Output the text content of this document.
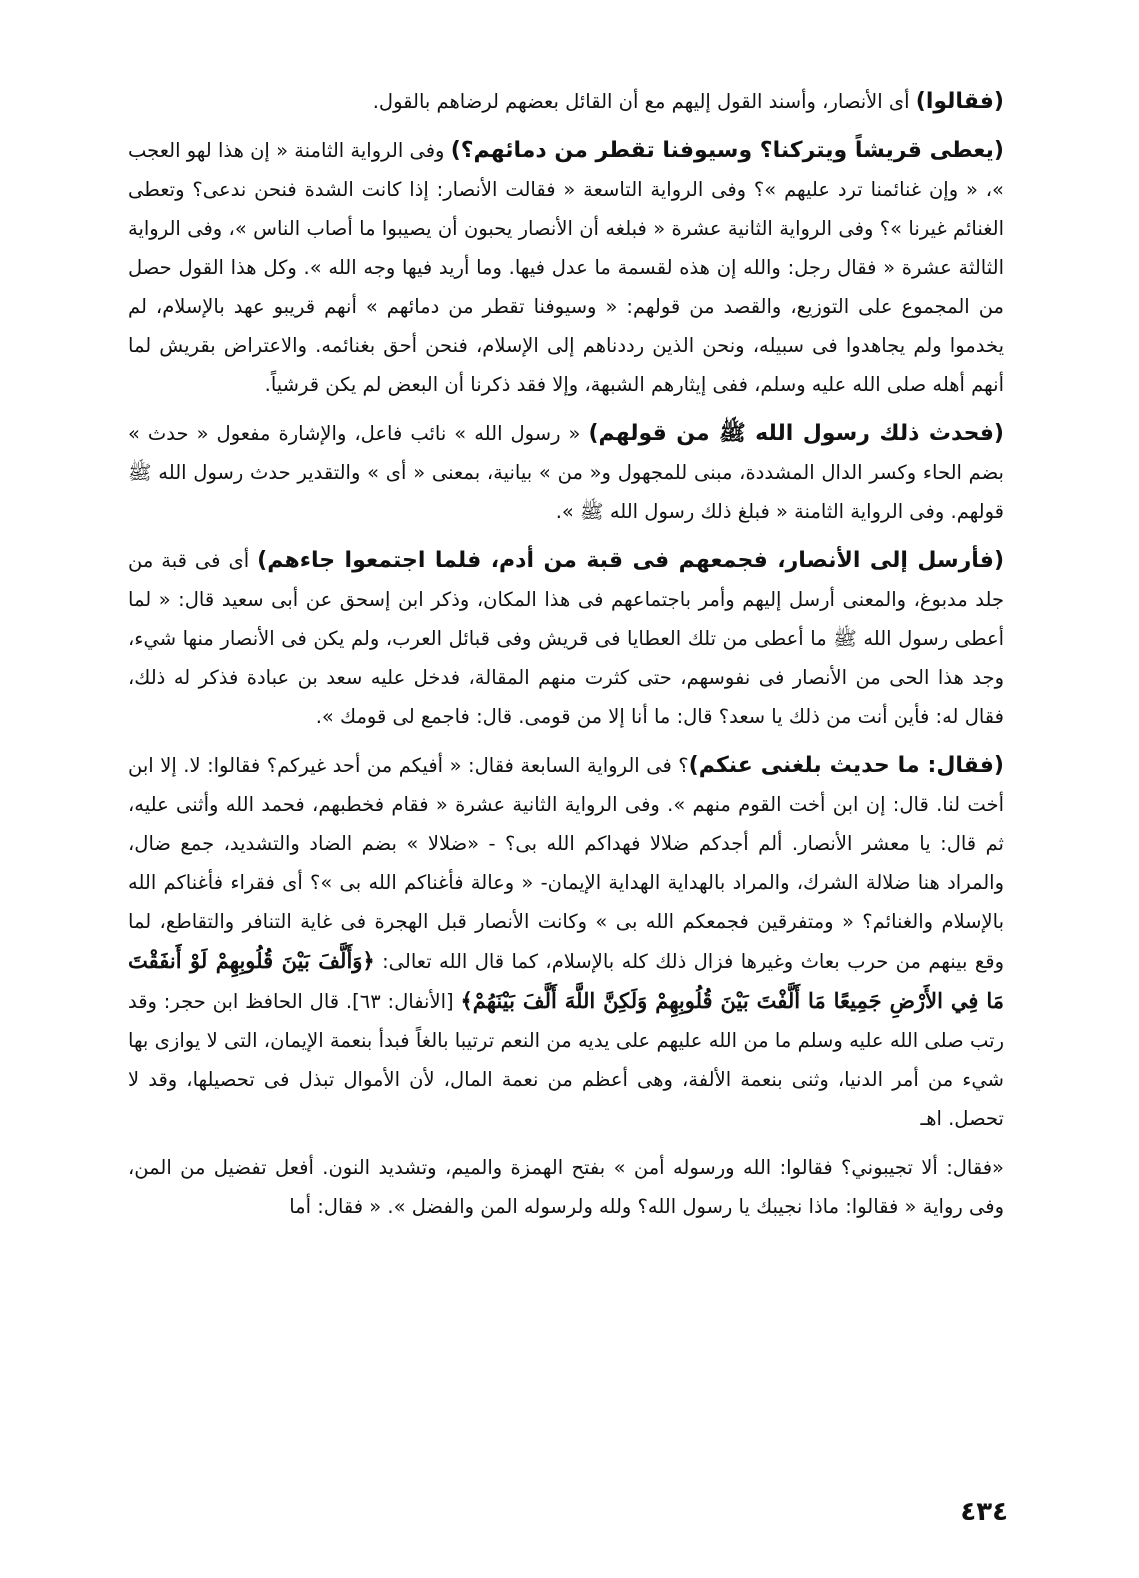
(فقالوا) أى الأنصار، وأسند القول إليهم مع أن القائل بعضهم لرضاهم بالقول.

(يعطى قريشاً ويتركنا؟ وسيوفنا تقطر من دمائهم؟) وفى الرواية الثامنة « إن هذا لهو العجب »، « وإن غنائمنا ترد عليهم »؟ وفى الرواية التاسعة « فقالت الأنصار: إذا كانت الشدة فنحن ندعى؟ وتعطى الغنائم غيرنا »؟ وفى الرواية الثانية عشرة « فبلغه أن الأنصار يحبون أن يصيبوا ما أصاب الناس »، وفى الرواية الثالثة عشرة « فقال رجل: والله إن هذه لقسمة ما عدل فيها. وما أريد فيها وجه الله ». وكل هذا القول حصل من المجموع على التوزيع، والقصد من قولهم: « وسيوفنا تقطر من دمائهم » أنهم قريبو عهد بالإسلام، لم يخدموا ولم يجاهدوا فى سبيله، ونحن الذين رددناهم إلى الإسلام، فنحن أحق بغنائمه. والاعتراض بقريش لما أنهم أهله صلى الله عليه وسلم، ففى إيثارهم الشبهة، وإلا فقد ذكرنا أن البعض لم يكن قرشياً.

(فحدث ذلك رسول الله ﷺ من قولهم) « رسول الله » نائب فاعل، والإشارة مفعول « حدث » بضم الحاء وكسر الدال المشددة، مبنى للمجهول و« من » بيانية، بمعنى « أى » والتقدير حدث رسول الله ﷺ قولهم. وفى الرواية الثامنة « فبلغ ذلك رسول الله ﷺ ».

(فأرسل إلى الأنصار، فجمعهم فى قبة من أدم، فلما اجتمعوا جاءهم) أى فى قبة من جلد مدبوغ، والمعنى أرسل إليهم وأمر باجتماعهم فى هذا المكان، وذكر ابن إسحق عن أبى سعيد قال: « لما أعطى رسول الله ﷺ ما أعطى من تلك العطايا فى قريش وفى قبائل العرب، ولم يكن فى الأنصار منها شيء، وجد هذا الحى من الأنصار فى نفوسهم، حتى كثرت منهم المقالة، فدخل عليه سعد بن عبادة فذكر له ذلك، فقال له: فأين أنت من ذلك يا سعد؟ قال: ما أنا إلا من قومى. قال: فاجمع لى قومك ».

(فقال: ما حديث بلغنى عنكم)؟ فى الرواية السابعة فقال: « أفيكم من أحد غيركم؟ فقالوا: لا. إلا ابن أخت لنا. قال: إن ابن أخت القوم منهم ». وفى الرواية الثانية عشرة « فقام فخطبهم، فحمد الله وأثنى عليه، ثم قال: يا معشر الأنصار. ألم أجدكم ضلالا فهداكم الله بى؟ - «ضلالا » بضم الضاد والتشديد، جمع ضال، والمراد هنا ضلالة الشرك، والمراد بالهداية الهداية الإيمان- « وعالة فأغناكم الله بى »؟ أى فقراء فأغناكم الله بالإسلام والغنائم؟ « ومتفرقين فجمعكم الله بى » وكانت الأنصار قبل الهجرة فى غاية التنافر والتقاطع، لما وقع بينهم من حرب بعاث وغيرها فزال ذلك كله بالإسلام، كما قال الله تعالى: ﴿وَأَلَّفَ بَيْنَ قُلُوبِهِمْ لَوْ أَنفَقْتَ مَا فِي الأَرْضِ جَمِيعًا مَا أَلَّفْتَ بَيْنَ قُلُوبِهِمْ وَلَكِنَّ اللَّهَ أَلَّفَ بَيْنَهُمْ﴾ [الأنفال: ٦٣]. قال الحافظ ابن حجر: وقد رتب صلى الله عليه وسلم ما من الله عليهم على يديه من النعم ترتيبا بالغاً فبدأ بنعمة الإيمان، التى لا يوازى بها شيء من أمر الدنيا، وثنى بنعمة الألفة، وهى أعظم من نعمة المال، لأن الأموال تبذل فى تحصيلها، وقد لا تحصل. اهـ

«فقال: ألا تجيبوني؟ فقالوا: الله ورسوله أمن » بفتح الهمزة والميم، وتشديد النون. أفعل تفضيل من المن، وفى رواية « فقالوا: ماذا نجيبك يا رسول الله؟ ولله ولرسوله المن والفضل ». « فقال: أما

٤٣٤
